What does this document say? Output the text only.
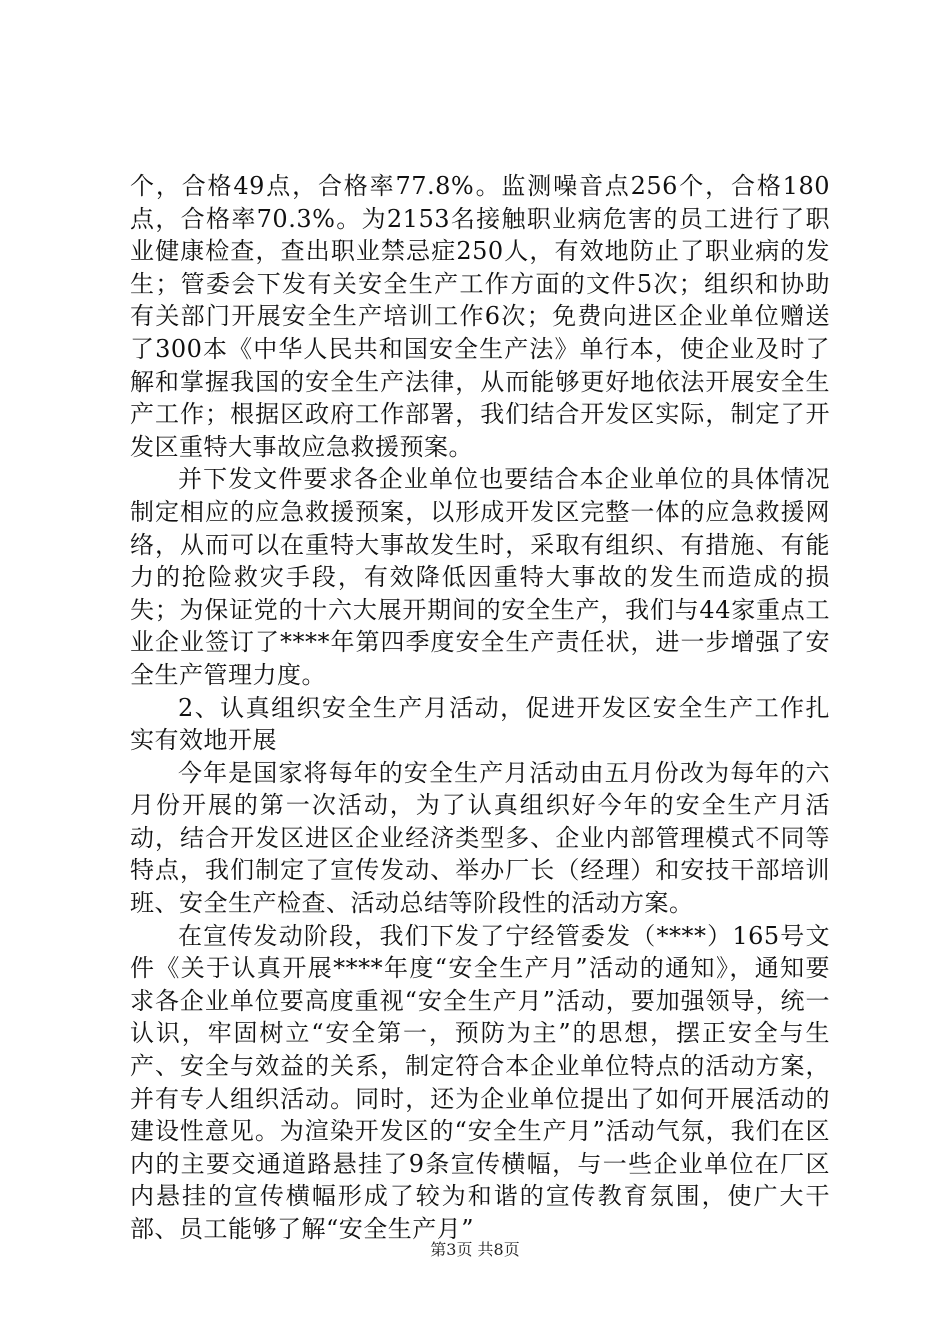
个，合格49点，合格率77.8%。监测噪音点256个，合格180点，合格率70.3%。为2153名接触职业病危害的员工进行了职业健康检查，查出职业禁忌症250人，有效地防止了职业病的发生；管委会下发有关安全生产工作方面的文件5次；组织和协助有关部门开展安全生产培训工作6次；免费向进区企业单位赠送了300本《中华人民共和国安全生产法》单行本，使企业及时了解和掌握我国的安全生产法律，从而能够更好地依法开展安全生产工作；根据区政府工作部署，我们结合开发区实际，制定了开发区重特大事故应急救援预案。

并下发文件要求各企业单位也要结合本企业单位的具体情况制定相应的应急救援预案，以形成开发区完整一体的应急救援网络，从而可以在重特大事故发生时，采取有组织、有措施、有能力的抢险救灾手段，有效降低因重特大事故的发生而造成的损失；为保证党的十六大展开期间的安全生产，我们与44家重点工业企业签订了****年第四季度安全生产责任状，进一步增强了安全生产管理力度。

2、认真组织安全生产月活动，促进开发区安全生产工作扎实有效地开展

今年是国家将每年的安全生产月活动由五月份改为每年的六月份开展的第一次活动，为了认真组织好今年的安全生产月活动，结合开发区进区企业经济类型多、企业内部管理模式不同等特点，我们制定了宣传发动、举办厂长（经理）和安技干部培训班、安全生产检查、活动总结等阶段性的活动方案。

在宣传发动阶段，我们下发了宁经管委发（****）165号文件《关于认真开展****年度“安全生产月”活动的通知》，通知要求各企业单位要高度重视“安全生产月”活动，要加强领导，统一认识，牢固树立“安全第一，预防为主”的思想，摆正安全与生产、安全与效益的关系，制定符合本企业单位特点的活动方案，并有专人组织活动。同时，还为企业单位提出了如何开展活动的建设性意见。为渲染开发区的“安全生产月”活动气氛，我们在区内的主要交通道路悬挂了9条宣传横幅，与一些企业单位在厂区内悬挂的宣传横幅形成了较为和谐的宣传教育氛围，使广大干部、员工能够了解“安全生产月”

第3页 共8页
